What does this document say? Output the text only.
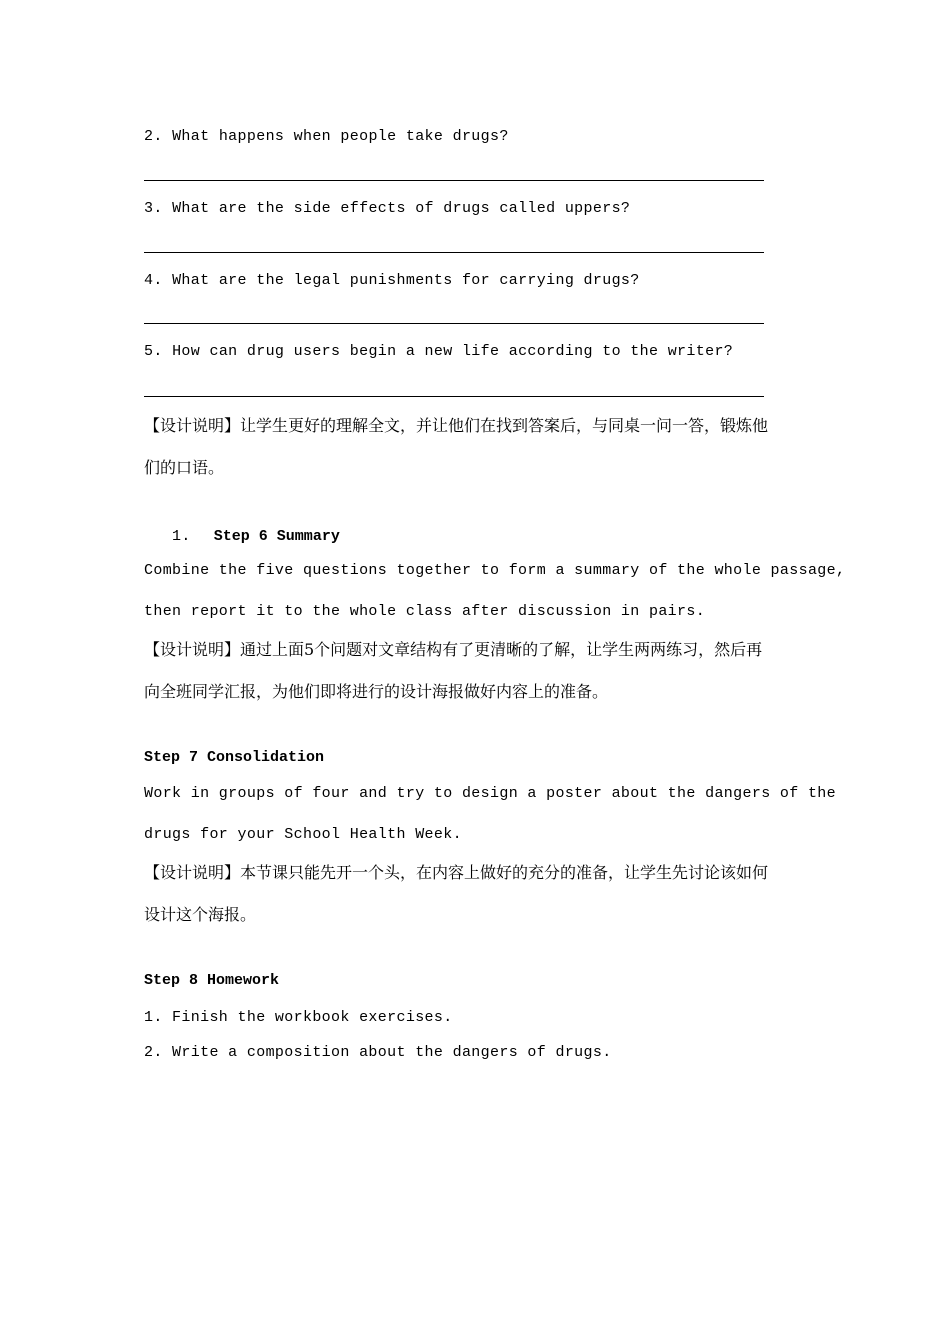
2. What happens when people take drugs?
3. What are the side effects of drugs called uppers?
4. What are the legal punishments for carrying drugs?
5. How can drug users begin a new life according to the writer?
【设计说明】让学生更好的理解全文，并让他们在找到答案后，与同桌一问一答，锻炼他
们的口语。
1. Step 6 Summary
Combine the five questions together to form a summary of the whole passage,
then report it to the whole class after discussion in pairs.
【设计说明】通过上面5个问题对文章结构有了更清晰的了解，让学生两两练习，然后再
向全班同学汇报，为他们即将进行的设计海报做好内容上的准备。
Step 7 Consolidation
Work in groups of four and try to design a poster about the dangers of the
drugs for your School Health Week.
【设计说明】本节课只能先开一个头，在内容上做好的充分的准备，让学生先讨论该如何
设计这个海报。
Step 8 Homework
1. Finish the workbook exercises.
2. Write a composition about the dangers of drugs.
